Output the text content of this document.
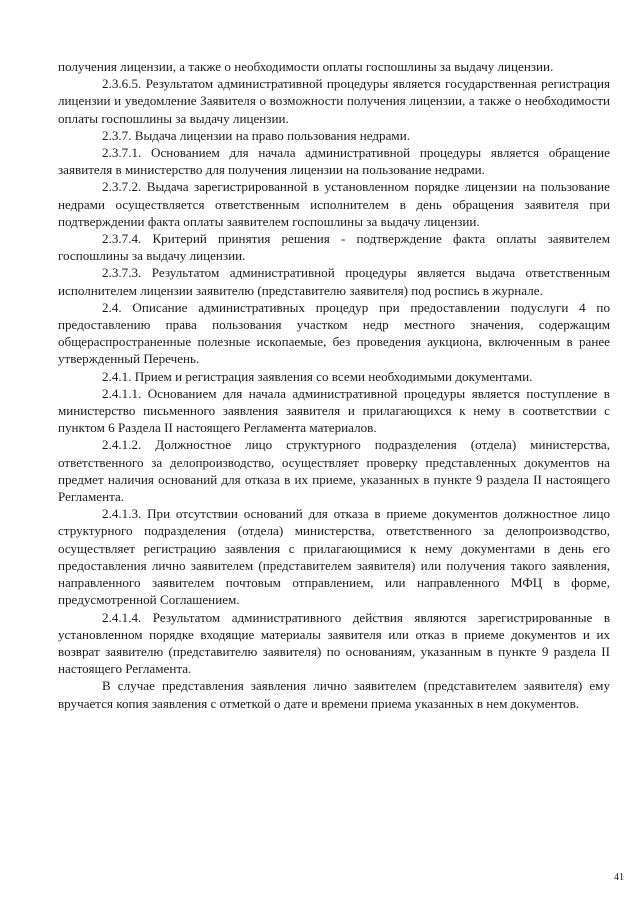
получения лицензии, а также о необходимости оплаты госпошлины за выдачу лицензии.

2.3.6.5. Результатом административной процедуры является государственная регистрация лицензии и уведомление Заявителя о возможности получения лицензии, а также о необходимости оплаты госпошлины за выдачу лицензии.

2.3.7. Выдача лицензии на право пользования недрами.

2.3.7.1. Основанием для начала административной процедуры является обращение заявителя в министерство для получения лицензии на пользование недрами.

2.3.7.2. Выдача зарегистрированной в установленном порядке лицензии на пользование недрами осуществляется ответственным исполнителем в день обращения заявителя при подтверждении факта оплаты заявителем госпошлины за выдачу лицензии.

2.3.7.4. Критерий принятия решения - подтверждение факта оплаты заявителем госпошлины за выдачу лицензии.

2.3.7.3. Результатом административной процедуры является выдача ответственным исполнителем лицензии заявителю (представителю заявителя) под роспись в журнале.

2.4. Описание административных процедур при предоставлении подуслуги 4 по предоставлению права пользования участком недр местного значения, содержащим общераспространенные полезные ископаемые, без проведения аукциона, включенным в ранее утвержденный Перечень.

2.4.1. Прием и регистрация заявления со всеми необходимыми документами.

2.4.1.1. Основанием для начала административной процедуры является поступление в министерство письменного заявления заявителя и прилагающихся к нему в соответствии с пунктом 6 Раздела II настоящего Регламента материалов.

2.4.1.2. Должностное лицо структурного подразделения (отдела) министерства, ответственного за делопроизводство, осуществляет проверку представленных документов на предмет наличия оснований для отказа в их приеме, указанных в пункте 9 раздела II настоящего Регламента.

2.4.1.3. При отсутствии оснований для отказа в приеме документов должностное лицо структурного подразделения (отдела) министерства, ответственного за делопроизводство, осуществляет регистрацию заявления с прилагающимися к нему документами в день его предоставления лично заявителем (представителем заявителя) или получения такого заявления, направленного заявителем почтовым отправлением, или направленного МФЦ в форме, предусмотренной Соглашением.

2.4.1.4. Результатом административного действия являются зарегистрированные в установленном порядке входящие материалы заявителя или отказ в приеме документов и их возврат заявителю (представителю заявителя) по основаниям, указанным в пункте 9 раздела II настоящего Регламента.

В случае представления заявления лично заявителем (представителем заявителя) ему вручается копия заявления с отметкой о дате и времени приема указанных в нем документов.

41
